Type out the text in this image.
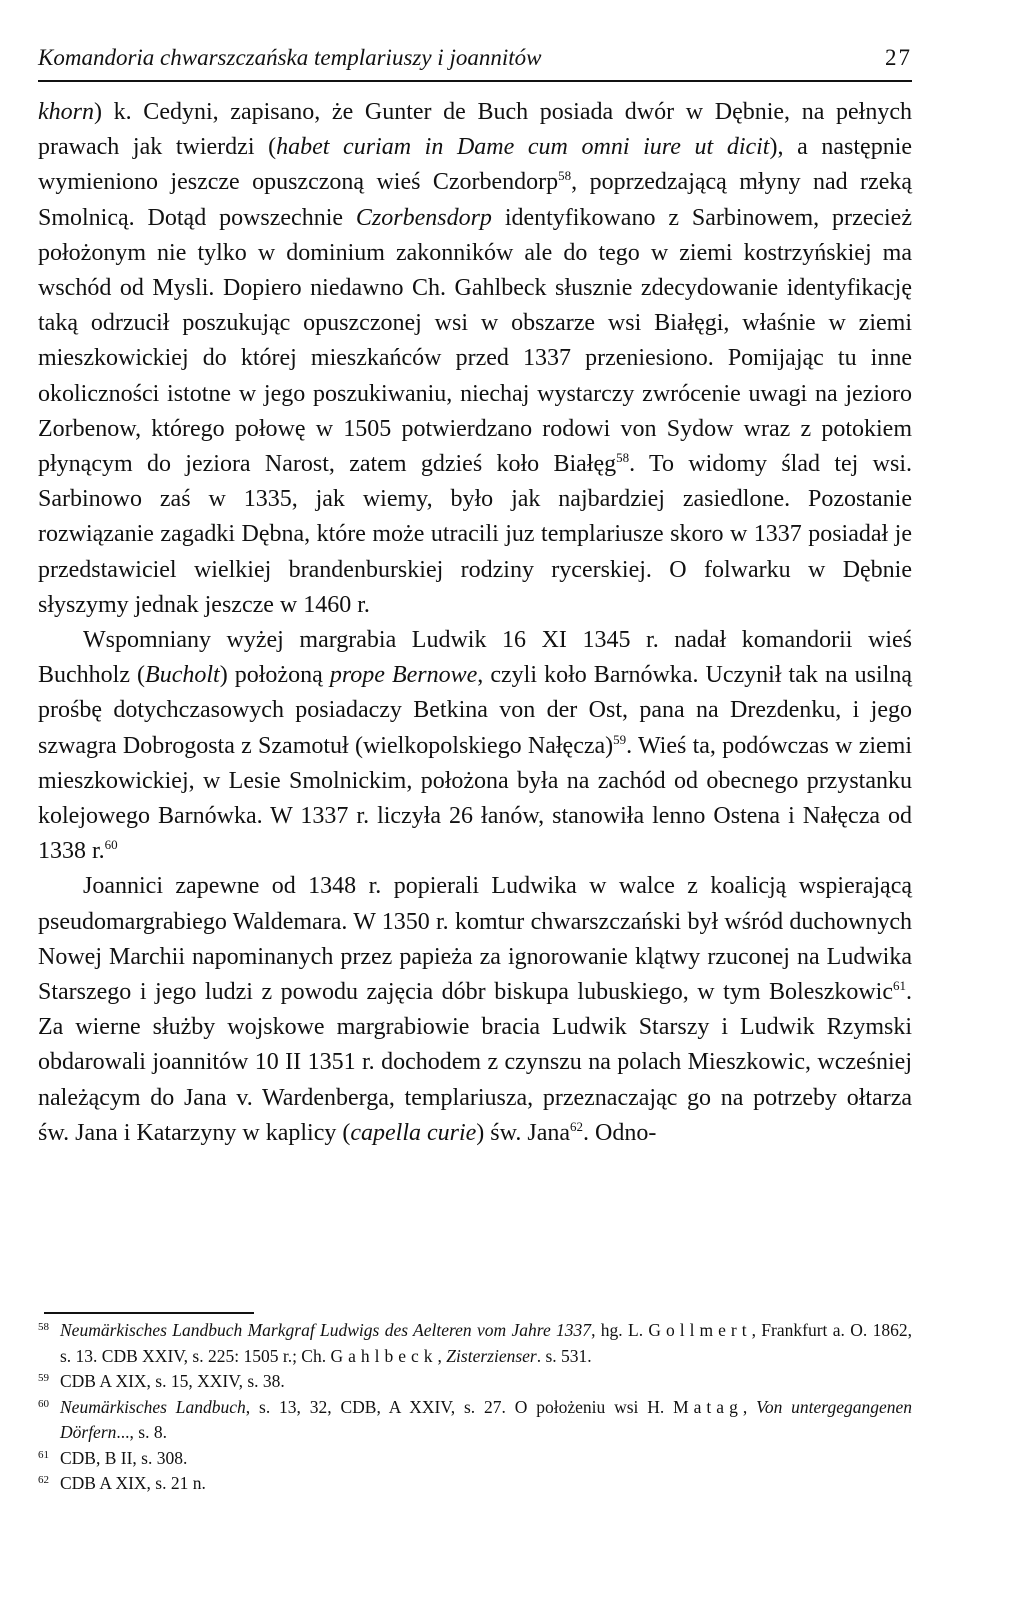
Komandoria chwarszczańska templariuszy i joannitów	27

khorn) k. Cedyni, zapisano, że Gunter de Buch posiada dwór w Dębnie, na pełnych prawach jak twierdzi (habet curiam in Dame cum omni iure ut dicit), a następnie wymieniono jeszcze opuszczoną wieś Czorbendorp$^{58}$, poprzedzającą młyny nad rzeką Smolnicą. Dotąd powszechnie Czorbensdorp identyfikowano z Sarbinowem, przecież położonym nie tylko w dominium zakonników ale do tego w ziemi kostrzyńskiej ma wschód od Mysli. Dopiero niedawno Ch. Gahlbeck słusznie zdecydowanie identyfikację taką odrzucił poszukując opuszczonej wsi w obszarze wsi Białęgi, właśnie w ziemi mieszkowickiej do której mieszkańców przed 1337 przeniesiono. Pomijając tu inne okoliczności istotne w jego poszukiwaniu, niechaj wystarczy zwrócenie uwagi na jezioro Zorbenow, którego połowę w 1505 potwierdzano rodowi von Sydow wraz z potokiem płynącym do jeziora Narost, zatem gdzieś koło Białęg$^{58}$. To widomy ślad tej wsi. Sarbinowo zaś w 1335, jak wiemy, było jak najbardziej zasiedlone. Pozostanie rozwiązanie zagadki Dębna, które może utracili juz templariusze skoro w 1337 posiadał je przedstawiciel wielkiej brandenburskiej rodziny rycerskiej. O folwarku w Dębnie słyszymy jednak jeszcze w 1460 r.

Wspomniany wyżej margrabia Ludwik 16 XI 1345 r. nadał komandorii wieś Buchholz (Bucholt) położoną prope Bernowe, czyli koło Barnówka. Uczynił tak na usilną prośbę dotychczasowych posiadaczy Betkina von der Ost, pana na Drezdenku, i jego szwagra Dobrogosta z Szamotuł (wielkopolskiego Nałęcza)$^{59}$. Wieś ta, podówczas w ziemi mieszkowickiej, w Lesie Smolnickim, położona była na zachód od obecnego przystanku kolejowego Barnówka. W 1337 r. liczyła 26 łanów, stanowiła lenno Ostena i Nałęcza od 1338 r.$^{60}$

Joannici zapewne od 1348 r. popierali Ludwika w walce z koalicją wspierającą pseudomargrabiego Waldemara. W 1350 r. komtur chwarszczański był wśród duchownych Nowej Marchii napominanych przez papieża za ignorowanie klątwy rzuconej na Ludwika Starszego i jego ludzi z powodu zajęcia dóbr biskupa lubuskiego, w tym Boleszkowic$^{61}$. Za wierne służby wojskowe margrabiowie bracia Ludwik Starszy i Ludwik Rzymski obdarowali joannitów 10 II 1351 r. dochodem z czynszu na polach Mieszkowic, wcześniej należącym do Jana v. Wardenberga, templariusza, przeznaczając go na potrzeby ołtarza św. Jana i Katarzyny w kaplicy (capella curie) św. Jana$^{62}$. Odno-

58 Neumärkisches Landbuch Markgraf Ludwigs des Aelteren vom Jahre 1337, hg. L. Gollmert, Frankfurt a. O. 1862, s. 13. CDB XXIV, s. 225: 1505 r.; Ch. Gahlbeck, Zisterzienser. s. 531.
59 CDB A XIX, s. 15, XXIV, s. 38.
60 Neumärkisches Landbuch, s. 13, 32, CDB, A XXIV, s. 27. O położeniu wsi H. Matag, Von untergegangenen Dörfern..., s. 8.
61 CDB, B II, s. 308.
62 CDB A XIX, s. 21 n.
